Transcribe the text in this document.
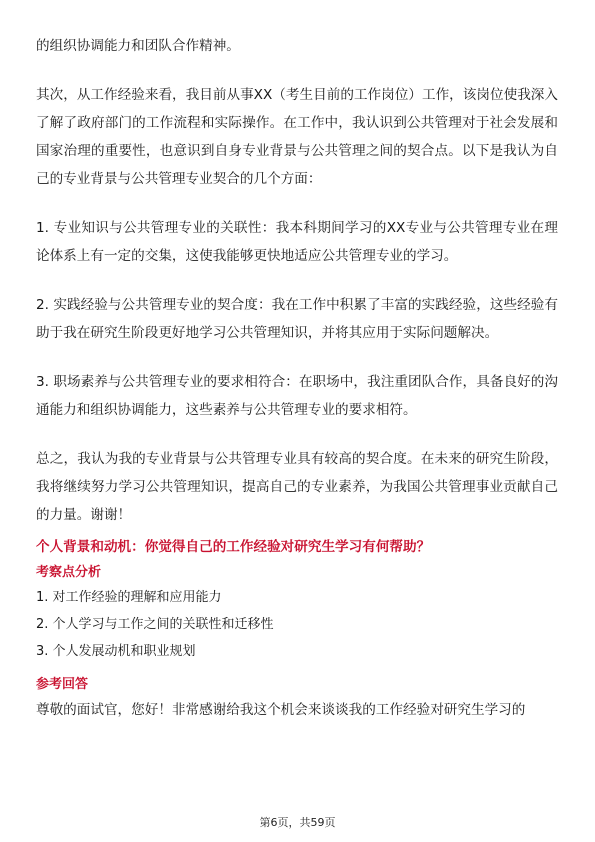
的组织协调能力和团队合作精神。

其次，从工作经验来看，我目前从事XX（考生目前的工作岗位）工作，该岗位使我深入了解了政府部门的工作流程和实际操作。在工作中，我认识到公共管理对于社会发展和国家治理的重要性，也意识到自身专业背景与公共管理之间的契合点。以下是我认为自己的专业背景与公共管理专业契合的几个方面：

1. 专业知识与公共管理专业的关联性：我本科期间学习的XX专业与公共管理专业在理论体系上有一定的交集，这使我能够更快地适应公共管理专业的学习。

2. 实践经验与公共管理专业的契合度：我在工作中积累了丰富的实践经验，这些经验有助于我在研究生阶段更好地学习公共管理知识，并将其应用于实际问题解决。

3. 职场素养与公共管理专业的要求相符合：在职场中，我注重团队合作，具备良好的沟通能力和组织协调能力，这些素养与公共管理专业的要求相符。

总之，我认为我的专业背景与公共管理专业具有较高的契合度。在未来的研究生阶段，我将继续努力学习公共管理知识，提高自己的专业素养，为我国公共管理事业贡献自己的力量。谢谢！

个人背景和动机：你觉得自己的工作经验对研究生学习有何帮助？

考察点分析

1. 对工作经验的理解和应用能力

2. 个人学习与工作之间的关联性和迁移性

3. 个人发展动机和职业规划

参考回答

尊敬的面试官，您好！非常感谢给我这个机会来谈谈我的工作经验对研究生学习的

第6页，共59页
